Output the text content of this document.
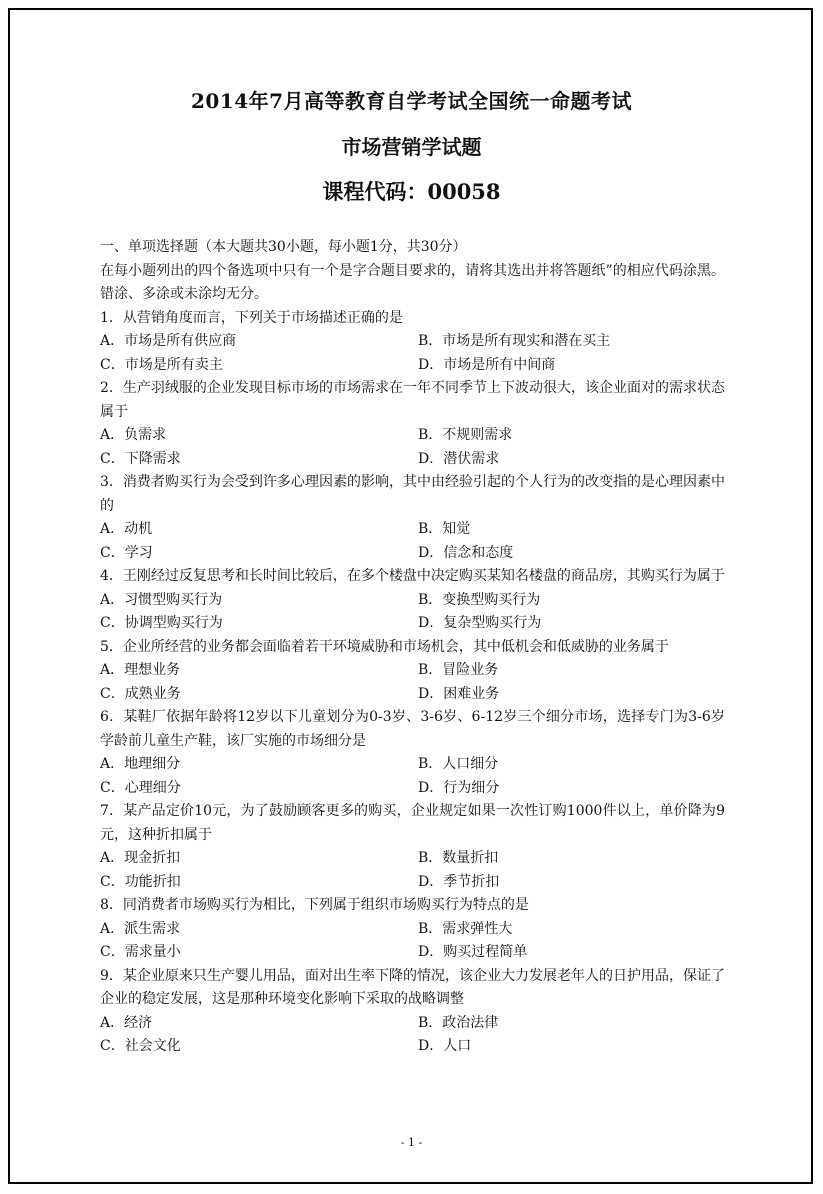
2014年7月高等教育自学考试全国统一命题考试
市场营销学试题
课程代码：00058
一、单项选择题（本大题共30小题，每小题1分，共30分）
在每小题列出的四个备选项中只有一个是字合题目要求的，请将其选出并将答题纸”的相应代码涂黑。错涂、多涂或未涂均无分。
1．从营销角度而言，下列关于市场描述正确的是
A．市场是所有供应商	B．市场是所有现实和潜在买主
C．市场是所有卖主	D．市场是所有中间商
2．生产羽绒服的企业发现目标市场的市场需求在一年不同季节上下波动很大，该企业面对的需求状态属于
A．负需求	B．不规则需求
C．下降需求	D．潜伏需求
3．消费者购买行为会受到许多心理因素的影响，其中由经验引起的个人行为的改变指的是心理因素中的
A．动机	B．知觉
C．学习	D．信念和态度
4．王刚经过反复思考和长时间比较后，在多个楼盘中决定购买某知名楼盘的商品房，其购买行为属于
A．习惯型购买行为	B．变换型购买行为
C．协调型购买行为	D．复杂型购买行为
5．企业所经营的业务都会面临着若干环境威胁和市场机会，其中低机会和低威胁的业务属于
A．理想业务	B．冒险业务
C．成熟业务	D．困难业务
6．某鞋厂依据年龄将12岁以下儿童划分为0-3岁、3-6岁、6-12岁三个细分市场，选择专门为3-6岁学龄前儿童生产鞋，该厂实施的市场细分是
A．地理细分	B．人口细分
C．心理细分	D．行为细分
7．某产品定价10元，为了鼓励顾客更多的购买，企业规定如果一次性订购1000件以上，单价降为9元，这种折扣属于
A．现金折扣	B．数量折扣
C．功能折扣	D．季节折扣
8．同消费者市场购买行为相比，下列属于组织市场购买行为特点的是
A．派生需求	B．需求弹性大
C．需求量小	D．购买过程简单
9．某企业原来只生产婴儿用品，面对出生率下降的情况，该企业大力发展老年人的日护用品，保证了企业的稳定发展，这是那种环境变化影响下采取的战略调整
A．经济	B．政治法律
C．社会文化	D．人口
- 1 -
